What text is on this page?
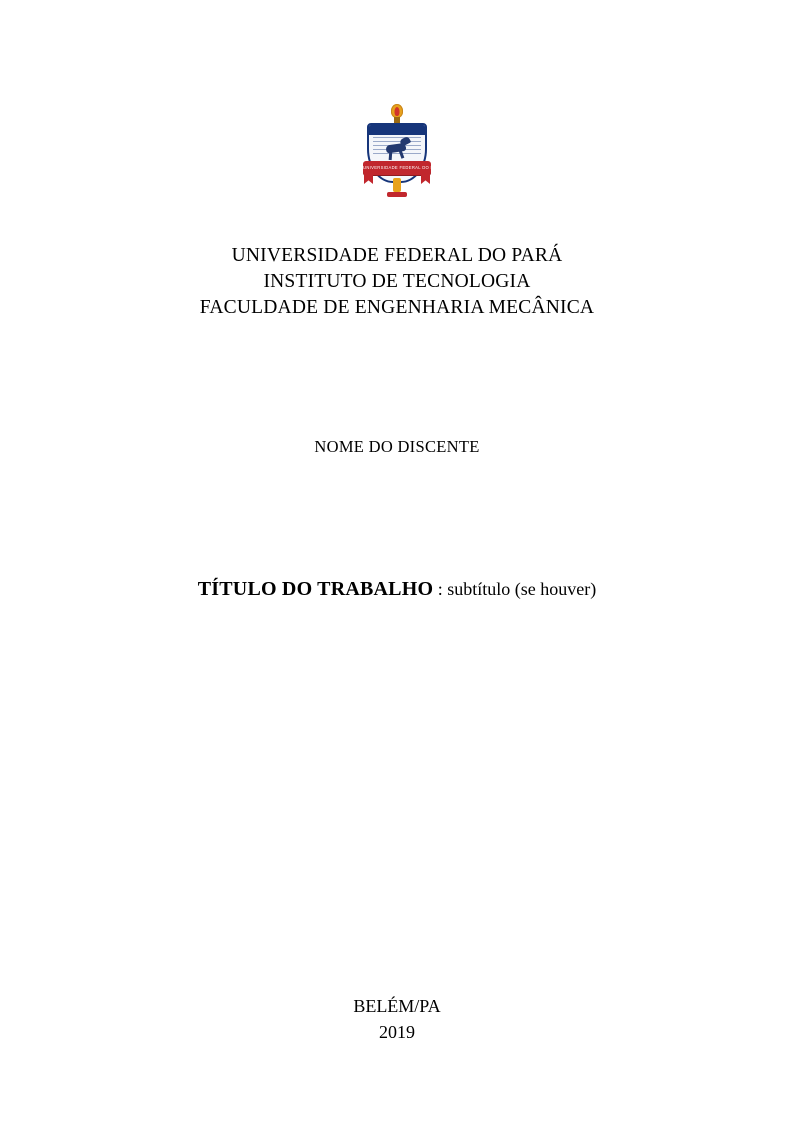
UNIVERSIDADE FEDERAL DO PARÁ
UNIVERSIDADE FEDERAL DO PARÁ
INSTITUTO DE TECNOLOGIA
FACULDADE DE ENGENHARIA MECÂNICA
NOME DO DISCENTE
TÍTULO DO TRABALHO : subtítulo (se houver)
BELÉM/PA
2019
